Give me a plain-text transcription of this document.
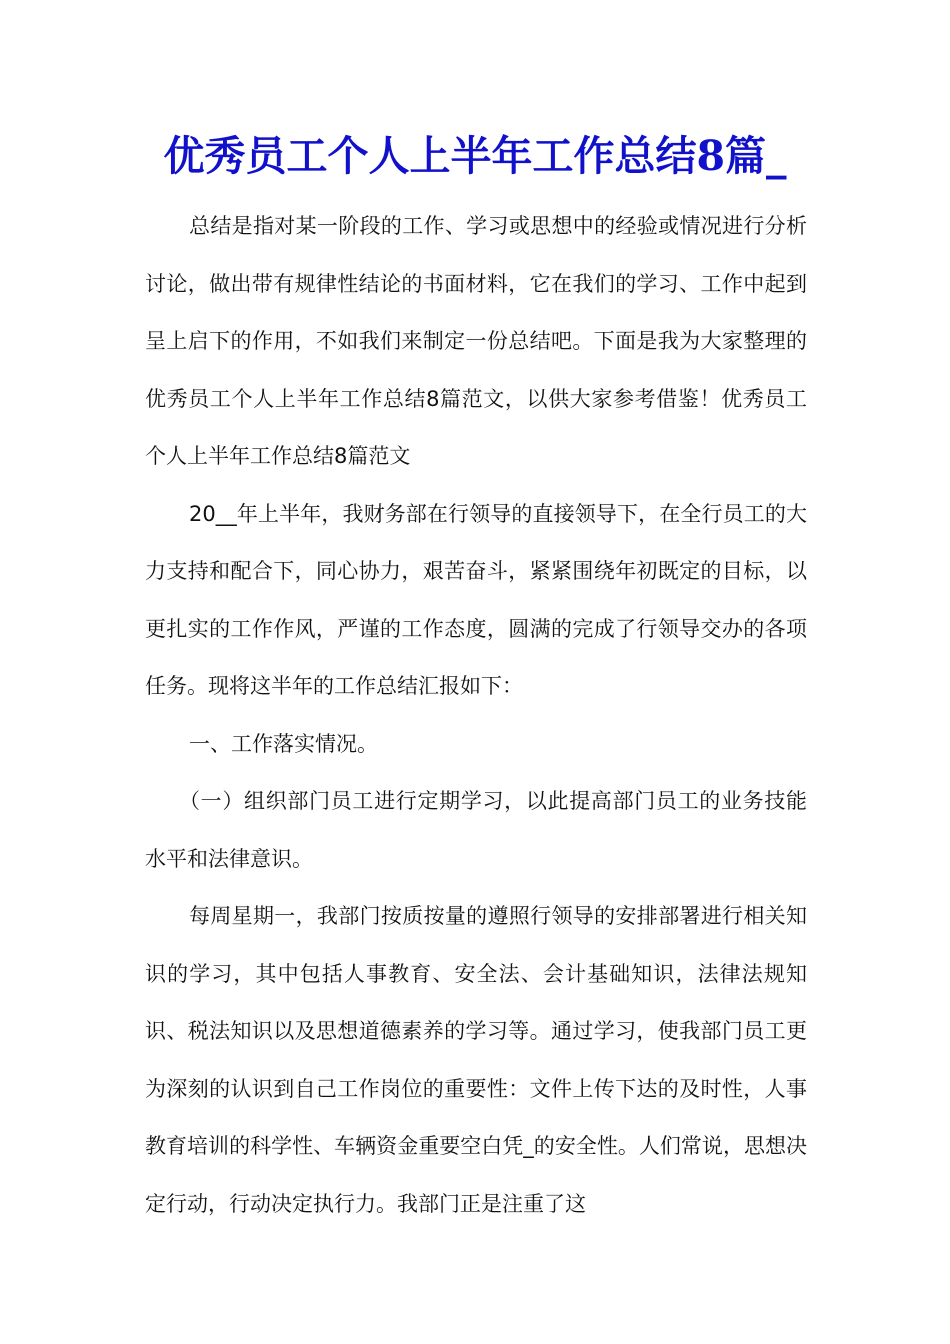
优秀员工个人上半年工作总结8篇_

总结是指对某一阶段的工作、学习或思想中的经验或情况进行分析讨论，做出带有规律性结论的书面材料，它在我们的学习、工作中起到呈上启下的作用，不如我们来制定一份总结吧。下面是我为大家整理的优秀员工个人上半年工作总结8篇范文，以供大家参考借鉴！优秀员工个人上半年工作总结8篇范文

20__年上半年，我财务部在行领导的直接领导下，在全行员工的大力支持和配合下，同心协力，艰苦奋斗，紧紧围绕年初既定的目标，以更扎实的工作作风，严谨的工作态度，圆满的完成了行领导交办的各项任务。现将这半年的工作总结汇报如下：

一、工作落实情况。

（一）组织部门员工进行定期学习，以此提高部门员工的业务技能水平和法律意识。

每周星期一，我部门按质按量的遵照行领导的安排部署进行相关知识的学习，其中包括人事教育、安全法、会计基础知识，法律法规知识、税法知识以及思想道德素养的学习等。通过学习，使我部门员工更为深刻的认识到自己工作岗位的重要性：文件上传下达的及时性，人事教育培训的科学性、车辆资金重要空白凭_的安全性。人们常说，思想决定行动，行动决定执行力。我部门正是注重了这
